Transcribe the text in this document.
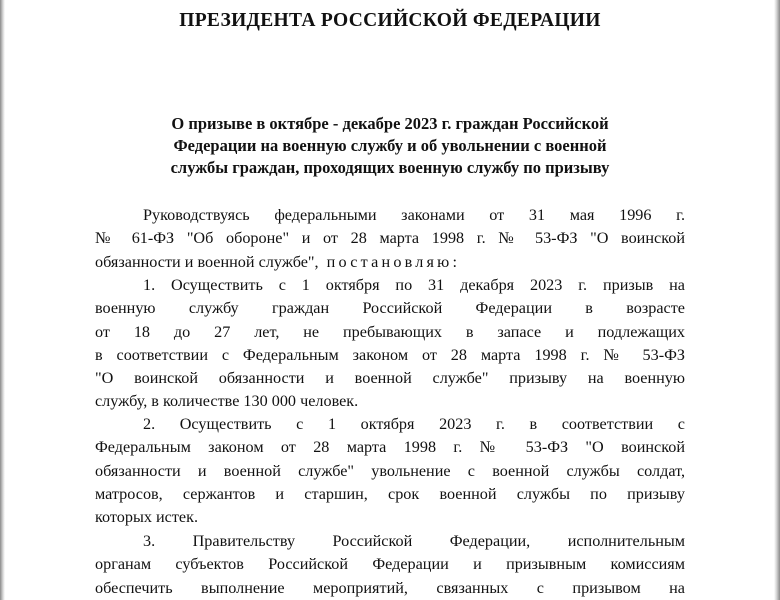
ПРЕЗИДЕНТА РОССИЙСКОЙ ФЕДЕРАЦИИ
О призыве в октябре - декабре 2023 г. граждан Российской
Федерации на военную службу и об увольнении с военной
службы граждан, проходящих военную службу по призыву
Руководствуясь федеральными законами от 31 мая 1996 г.
№ 61-ФЗ "Об обороне" и от 28 марта 1998 г. № 53-ФЗ "О воинской
обязанности и военной службе", постановляю:
1. Осуществить с 1 октября по 31 декабря 2023 г. призыв на
военную службу граждан Российской Федерации в возрасте
от 18 до 27 лет, не пребывающих в запасе и подлежащих
в соответствии с Федеральным законом от 28 марта 1998 г. № 53-ФЗ
"О воинской обязанности и военной службе" призыву на военную
службу, в количестве 130 000 человек.
2. Осуществить с 1 октября 2023 г. в соответствии с
Федеральным законом от 28 марта 1998 г. № 53-ФЗ "О воинской
обязанности и военной службе" увольнение с военной службы солдат,
матросов, сержантов и старшин, срок военной службы по призыву
которых истек.
3. Правительству Российской Федерации, исполнительным
органам субъектов Российской Федерации и призывным комиссиям
обеспечить выполнение мероприятий, связанных с призывом на
